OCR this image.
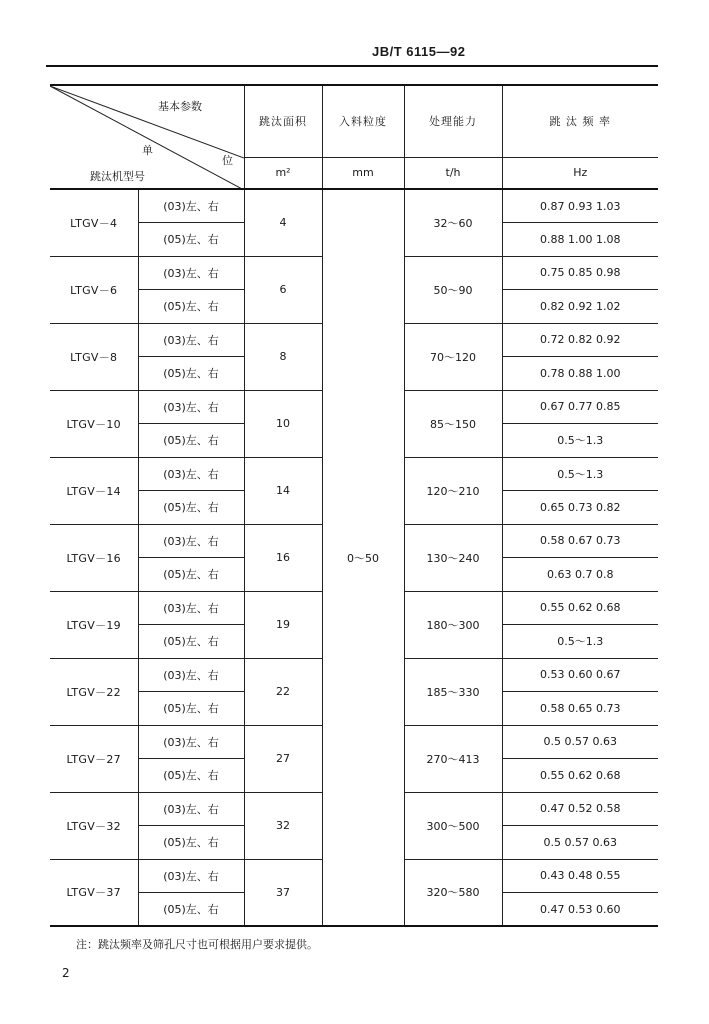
JB/T 6115—92
基本参数
单
位
跳汰机型号		跳汰面积	入料粒度	处理能力	跳 汰 频 率
		m²	mm	t/h	Hz
LTGV－4	(03)左、右	4	0～50	32～60	0.87 0.93 1.03
	(05)左、右				0.88 1.00 1.08
LTGV－6	(03)左、右	6		50～90	0.75 0.85 0.98
	(05)左、右				0.82 0.92 1.02
LTGV－8	(03)左、右	8		70～120	0.72 0.82 0.92
	(05)左、右				0.78 0.88 1.00
LTGV－10	(03)左、右	10		85～150	0.67 0.77 0.85
	(05)左、右				0.5～1.3
LTGV－14	(03)左、右	14		120～210	0.5～1.3
	(05)左、右				0.65 0.73 0.82
LTGV－16	(03)左、右	16		130～240	0.58 0.67 0.73
	(05)左、右				0.63 0.7 0.8
LTGV－19	(03)左、右	19		180～300	0.55 0.62 0.68
	(05)左、右				0.5～1.3
LTGV－22	(03)左、右	22		185～330	0.53 0.60 0.67
	(05)左、右				0.58 0.65 0.73
LTGV－27	(03)左、右	27		270～413	0.5 0.57 0.63
	(05)左、右				0.55 0.62 0.68
LTGV－32	(03)左、右	32		300～500	0.47 0.52 0.58
	(05)左、右				0.5 0.57 0.63
LTGV－37	(03)左、右	37		320～580	0.43 0.48 0.55
	(05)左、右				0.47 0.53 0.60
注：跳汰频率及筛孔尺寸也可根据用户要求提供。
2
